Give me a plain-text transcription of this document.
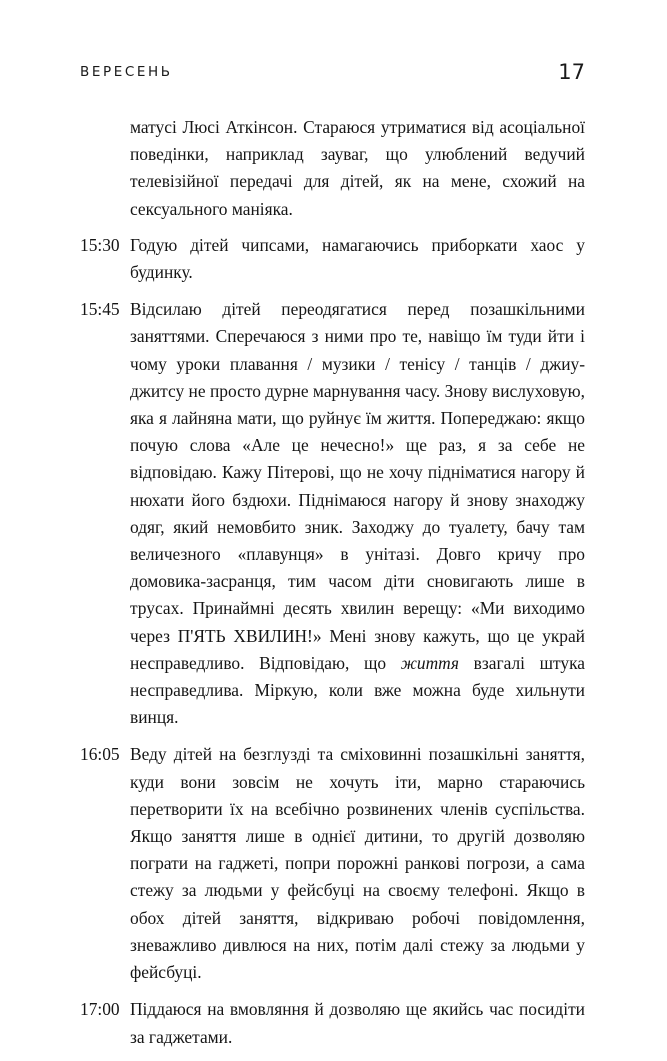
ВЕРЕСЕНЬ	17
матусі Люсі Аткінсон. Стараюся утриматися від асоціальної поведінки, наприклад зауваг, що улюблений ведучий телевізійної передачі для дітей, як на мене, схожий на сексуального маніяка.
15:30 Годую дітей чипсами, намагаючись приборкати хаос у будинку.
15:45 Відсилаю дітей переодягатися перед позашкільними заняттями. Сперечаюся з ними про те, навіщо їм туди йти і чому уроки плавання / музики / тенісу / танців / джиу-джитсу не просто дурне марнування часу. Знову вислуховую, яка я лайняна мати, що руйнує їм життя. Попереджаю: якщо почую слова «Але це нечесно!» ще раз, я за себе не відповідаю. Кажу Пітерові, що не хочу підніматися нагору й нюхати його бздюхи. Піднімаюся нагору й знову знаходжу одяг, який немовбито зник. Заходжу до туалету, бачу там величезного «плавунця» в унітазі. Довго кричу про домовика-засранця, тим часом діти сновигають лише в трусах. Принаймні десять хвилин верещу: «Ми виходимо через П'ЯТЬ ХВИЛИН!» Мені знову кажуть, що це украй несправедливо. Відповідаю, що життя взагалі штука несправедлива. Міркую, коли вже можна буде хильнути винця.
16:05 Веду дітей на безглузді та сміховинні позашкільні заняття, куди вони зовсім не хочуть іти, марно стараючись перетворити їх на всебічно розвинених членів суспільства. Якщо заняття лише в однієї дитини, то другій дозволяю пограти на гаджеті, попри порожні ранкові погрози, а сама стежу за людьми у фейсбуці на своєму телефоні. Якщо в обох дітей заняття, відкриваю робочі повідомлення, зневажливо дивлюся на них, потім далі стежу за людьми у фейсбуці.
17:00 Піддаюся на вмовляння й дозволяю ще якийсь час посидіти за гаджетами.
